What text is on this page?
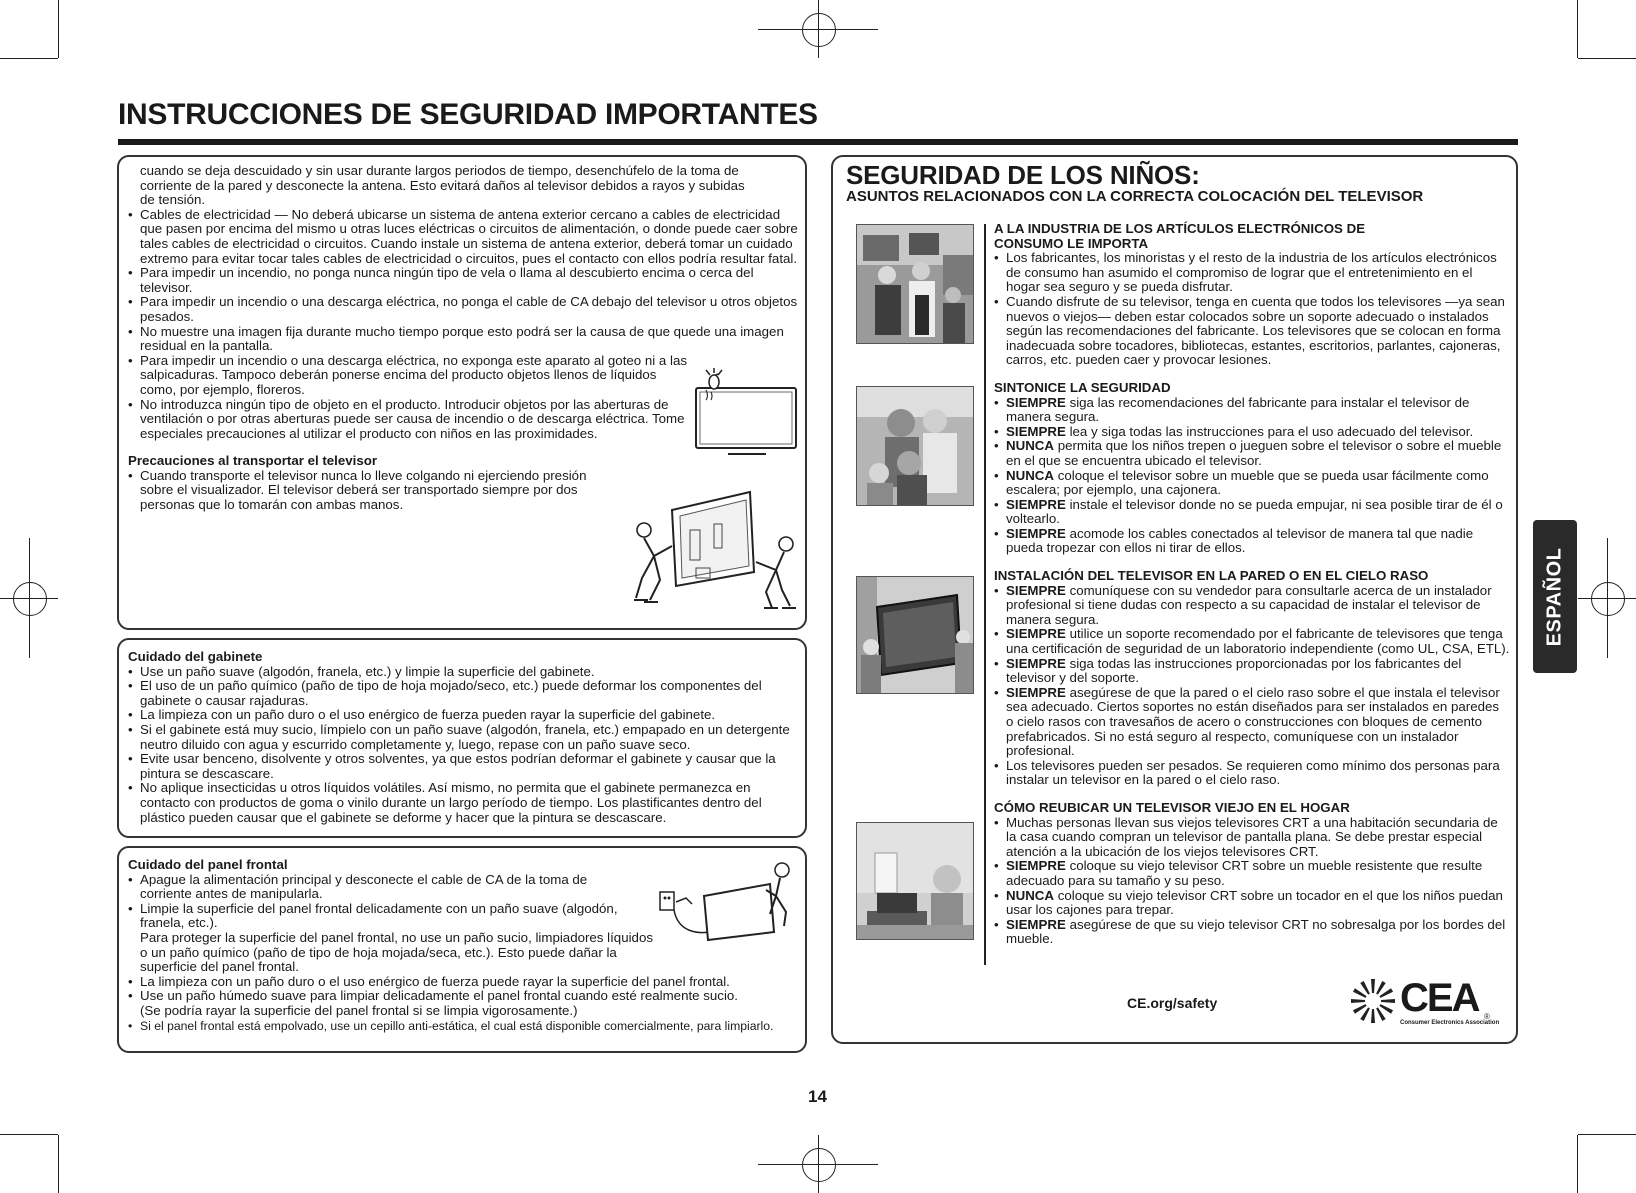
INSTRUCCIONES DE SEGURIDAD IMPORTANTES
ESPAÑOL

cuando se deja descuidado y sin usar durante largos periodos de tiempo, desenchúfelo de la toma de

corriente de la pared y desconecte la antena. Esto evitará daños al televisor debidos a rayos y subidas

de tensión.

• Cables de electricidad — No deberá ubicarse un sistema de antena exterior cercano a cables de electricidad que pasen por encima del mismo u otras luces eléctricas o circuitos de alimentación, o donde puede caer sobre tales cables de electricidad o circuitos. Cuando instale un sistema de antena exterior, deberá tomar un cuidado extremo para evitar tocar tales cables de electricidad o circuitos, pues el contacto con ellos podría resultar fatal.
• Para impedir un incendio, no ponga nunca ningún tipo de vela o llama al descubierto encima o cerca del televisor.
• Para impedir un incendio o una descarga eléctrica, no ponga el cable de CA debajo del televisor u otros objetos pesados.
• No muestre una imagen fija durante mucho tiempo porque esto podrá ser la causa de que quede una imagen residual en la pantalla.
• Para impedir un incendio o una descarga eléctrica, no exponga este aparato al goteo ni a las salpicaduras. Tampoco deberán ponerse encima del producto objetos llenos de líquidos como, por ejemplo, floreros.
• No introduzca ningún tipo de objeto en el producto. Introducir objetos por las aberturas de ventilación o por otras aberturas puede ser causa de incendio o de descarga eléctrica. Tome especiales precauciones al utilizar el producto con niños en las proximidades.

Precauciones al transportar el televisor

• Cuando transporte el televisor nunca lo lleve colgando ni ejerciendo presión sobre el visualizador. El televisor deberá ser transportado siempre por dos personas que lo tomarán con ambas manos.

Cuidado del gabinete

• Use un paño suave (algodón, franela, etc.) y limpie la superficie del gabinete.
• El uso de un paño químico (paño de tipo de hoja mojado/seco, etc.) puede deformar los componentes del gabinete o causar rajaduras.
• La limpieza con un paño duro o el uso enérgico de fuerza pueden rayar la superficie del gabinete.
• Si el gabinete está muy sucio, límpielo con un paño suave (algodón, franela, etc.) empapado en un detergente neutro diluido con agua y escurrido completamente y, luego, repase con un paño suave seco.
• Evite usar benceno, disolvente y otros solventes, ya que estos podrían deformar el gabinete y causar que la pintura se descascare.
• No aplique insecticidas u otros líquidos volátiles. Así mismo, no permita que el gabinete permanezca en contacto con productos de goma o vinilo durante un largo período de tiempo. Los plastificantes dentro del plástico pueden causar que el gabinete se deforme y hacer que la pintura se descascare.

Cuidado del panel frontal

• Apague la alimentación principal y desconecte el cable de CA de la toma de corriente antes de manipularla.
• Limpie la superficie del panel frontal delicadamente con un paño suave (algodón, franela, etc.).
Para proteger la superficie del panel frontal, no use un paño sucio, limpiadores líquidos o un paño químico (paño de tipo de hoja mojada/seca, etc.). Esto puede dañar la superficie del panel frontal.
• La limpieza con un paño duro o el uso enérgico de fuerza puede rayar la superficie del panel frontal.
• Use un paño húmedo suave para limpiar delicadamente el panel frontal cuando esté realmente sucio.
(Se podría rayar la superficie del panel frontal si se limpia vigorosamente.)
• Si el panel frontal está empolvado, use un cepillo anti-estática, el cual está disponible comercialmente, para limpiarlo.
SEGURIDAD DE LOS NIÑOS:
ASUNTOS RELACIONADOS CON LA CORRECTA COLOCACIÓN DEL TELEVISOR

A LA INDUSTRIA DE LOS ARTÍCULOS ELECTRÓNICOS DE

CONSUMO LE IMPORTA

• Los fabricantes, los minoristas y el resto de la industria de los artículos electrónicos de consumo han asumido el compromiso de lograr que el entretenimiento en el hogar sea seguro y se pueda disfrutar.
• Cuando disfrute de su televisor, tenga en cuenta que todos los televisores —ya sean nuevos o viejos— deben estar colocados sobre un soporte adecuado o instalados según las recomendaciones del fabricante. Los televisores que se colocan en forma inadecuada sobre tocadores, bibliotecas, estantes, escritorios, parlantes, cajoneras, carros, etc. pueden caer y provocar lesiones.

SINTONICE LA SEGURIDAD

• SIEMPRE siga las recomendaciones del fabricante para instalar el televisor de manera segura.
• SIEMPRE lea y siga todas las instrucciones para el uso adecuado del televisor.
• NUNCA permita que los niños trepen o jueguen sobre el televisor o sobre el mueble en el que se encuentra ubicado el televisor.
• NUNCA coloque el televisor sobre un mueble que se pueda usar fácilmente como escalera; por ejemplo, una cajonera.
• SIEMPRE instale el televisor donde no se pueda empujar, ni sea posible tirar de él o voltearlo.
• SIEMPRE acomode los cables conectados al televisor de manera tal que nadie pueda tropezar con ellos ni tirar de ellos.

INSTALACIÓN DEL TELEVISOR EN LA PARED O EN EL CIELO RASO

• SIEMPRE comuníquese con su vendedor para consultarle acerca de un instalador profesional si tiene dudas con respecto a su capacidad de instalar el televisor de manera segura.
• SIEMPRE utilice un soporte recomendado por el fabricante de televisores que tenga una certificación de seguridad de un laboratorio independiente (como UL, CSA, ETL).
• SIEMPRE siga todas las instrucciones proporcionadas por los fabricantes del televisor y del soporte.
• SIEMPRE asegúrese de que la pared o el cielo raso sobre el que instala el televisor sea adecuado. Ciertos soportes no están diseñados para ser instalados en paredes o cielo rasos con travesaños de acero o construcciones con bloques de cemento prefabricados. Si no está seguro al respecto, comuníquese con un instalador profesional.
• Los televisores pueden ser pesados. Se requieren como mínimo dos personas para instalar un televisor en la pared o el cielo raso.

CÓMO REUBICAR UN TELEVISOR VIEJO EN EL HOGAR

• Muchas personas llevan sus viejos televisores CRT a una habitación secundaria de la casa cuando compran un televisor de pantalla plana. Se debe prestar especial atención a la ubicación de los viejos televisores CRT.
• SIEMPRE coloque su viejo televisor CRT sobre un mueble resistente que resulte adecuado para su tamaño y su peso.
• NUNCA coloque su viejo televisor CRT sobre un tocador en el que los niños puedan usar los cajones para trepar.
• SIEMPRE asegúrese de que su viejo televisor CRT no sobresalga por los bordes del mueble.
CE.org/safety	CEA ®
Consumer Electronics Association
14
